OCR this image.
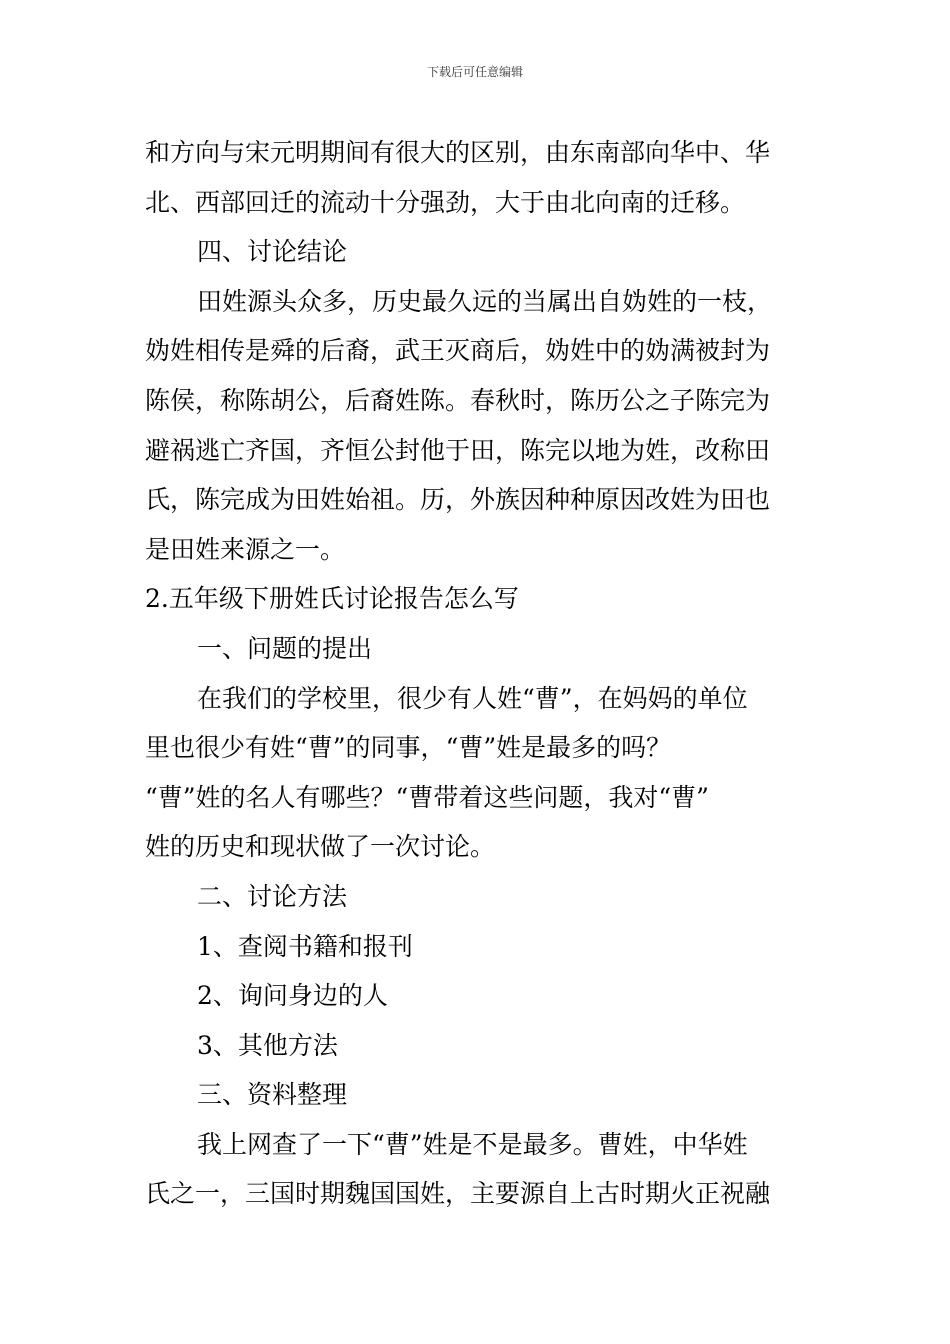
下载后可任意编辑
和方向与宋元明期间有很大的区别，由东南部向华中、华
北、西部回迁的流动十分强劲，大于由北向南的迁移。
四、讨论结论
田姓源头众多，历史最久远的当属出自妫姓的一枝，
妫姓相传是舜的后裔，武王灭商后，妫姓中的妫满被封为
陈侯，称陈胡公，后裔姓陈。春秋时，陈历公之子陈完为
避祸逃亡齐国，齐恒公封他于田，陈完以地为姓，改称田
氏，陈完成为田姓始祖。历，外族因种种原因改姓为田也
是田姓来源之一。
2.五年级下册姓氏讨论报告怎么写
一、问题的提出
在我们的学校里，很少有人姓“曹”，在妈妈的单位
里也很少有姓“曹”的同事，“曹”姓是最多的吗？
“曹”姓的名人有哪些？“曹带着这些问题，我对“曹”
姓的历史和现状做了一次讨论。
二、讨论方法
1、查阅书籍和报刊
2、询问身边的人
3、其他方法
三、资料整理
我上网查了一下“曹”姓是不是最多。曹姓，中华姓
氏之一，三国时期魏国国姓，主要源自上古时期火正祝融
